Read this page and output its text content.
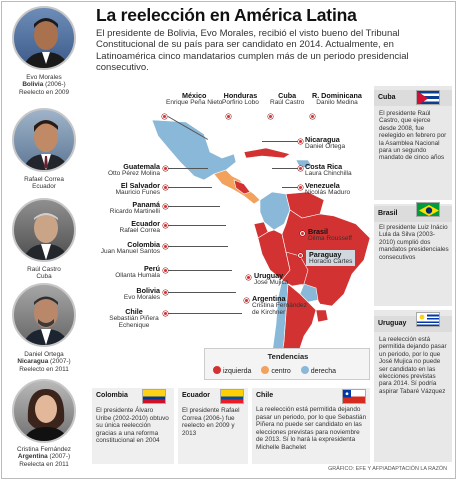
Evo Morales
Bolivia (2006-)
Reelecto en 2009
Rafael Correa
Ecuador
Raúl Castro
Cuba
Daniel Ortega
Nicaragua (2007-)
Reelecto en 2011
Cristina Fernández
Argentina (2007-)
Reelecta en 2011
La reelección en América Latina
El presidente de Bolivia, Evo Morales, recibió el visto bueno del Tribunal Constitucional de su país para ser candidato en 2014. Actualmente, en Latinoamérica cinco mandatarios cumplen más de un periodo presidencial consecutivo.
México
Enrique Peña Nieto
Honduras
Porfirio Lobo
Cuba
Raúl Castro
R. Dominicana
Danilo Medina
Nicaragua
Daniel Ortega
Guatemala
Otto Pérez Molina
Costa Rica
Laura Chinchilla
El Salvador
Mauricio Funes
Venezuela
Nicolás Maduro
Panamá
Ricardo Martinelli
Ecuador
Rafael Correa
Colombia
Juan Manuel Santos
Brasil
Dilma Rousseff
Perú
Ollanta Humala
Paraguay
Horacio Cartes
Uruguay
José Mujica
Bolivia
Evo Morales	Argentina
Cristina Fernández de Kirchner
Chile
Sebastián Piñera Echenique
Tendencias
izquierda	centro	derecha
Cuba
El presidente Raúl Castro, que ejerce desde 2008, fue reelegido en febrero por la Asamblea Nacional para un segundo mandato de cinco años
Brasil
El presidente Luiz Inácio Lula da Silva (2003-2010) cumplió dos mandatos presidenciales consecutivos
Uruguay
La reelección está permitida dejando pasar un periodo, por lo que José Mujica no puede ser candidato en las elecciones previstas para 2014. Sí podría aspirar Tabaré Vázquez
Colombia
El presidente Álvaro Uribe (2002-2010) obtuvo su única reelección gracias a una reforma constitucional en 2004
Ecuador
El presidente Rafael Correa (2006-) fue reelecto en 2009 y 2013
Chile
La reelección está permitida dejando pasar un periodo, por lo que Sebastián Piñera no puede ser candidato en las elecciones previstas para noviembre de 2013. Sí lo hará la expresidenta Michelle Bachelet
GRÁFICO: EFE Y AFP/ADAPTACIÓN LA RAZÓN
